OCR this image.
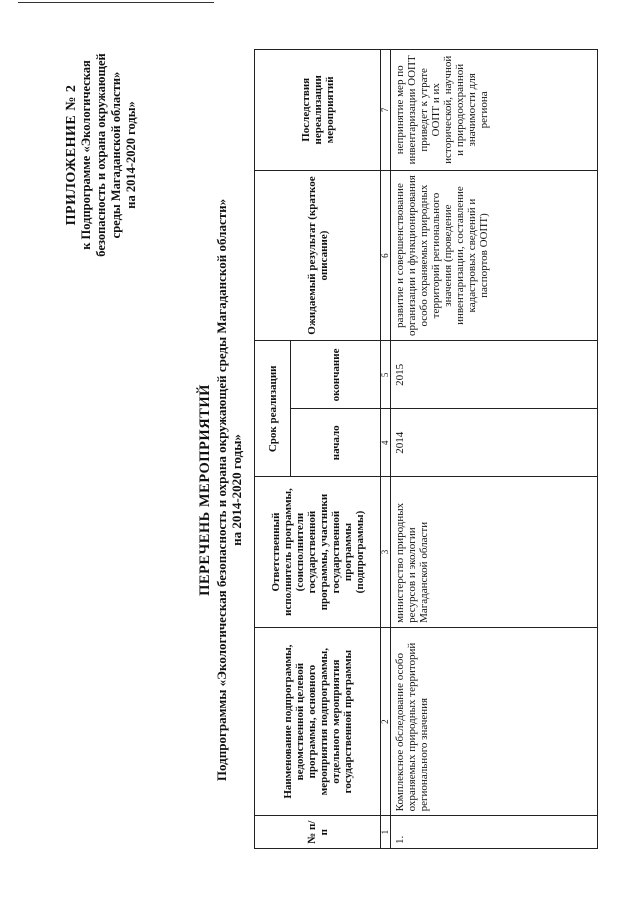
ПРИЛОЖЕНИЕ № 2 к Подпрограмме «Экологическая безопасность и охрана окружающей среды Магаданской области» на 2014-2020 годы»
ПЕРЕЧЕНЬ МЕРОПРИЯТИЙ Подпрограммы «Экологическая безопасность и охрана окружающей среды Магаданской области» на 2014-2020 годы»
№ п/п	Наименование подпрограммы, ведомственной целевой программы, основного мероприятия подпрограммы, отдельного мероприятия государственной программы	Ответственный исполнитель программы, (соисполнители государственной программы, участники государственной программы (подпрограммы)	Срок реализации		Ожидаемый результат (краткое описание)	Последствия нереализации мероприятий
			начало	окончание		
1	2	3	4	5	6	7
1.	Комплексное обследование особо охраняемых природных территорий регионального значения	министерство природных ресурсов и экологии Магаданской области	2014	2015	развитие и совершенствование организации и функционирования особо охраняемых природных территорий регионального значения (проведение инвентаризации, составление кадастровых сведений и паспортов ООПТ)	непринятие мер по инвентаризации ООПТ приведет к утрате ООПТ и их исторической, научной и природоохранной значимости для региона
